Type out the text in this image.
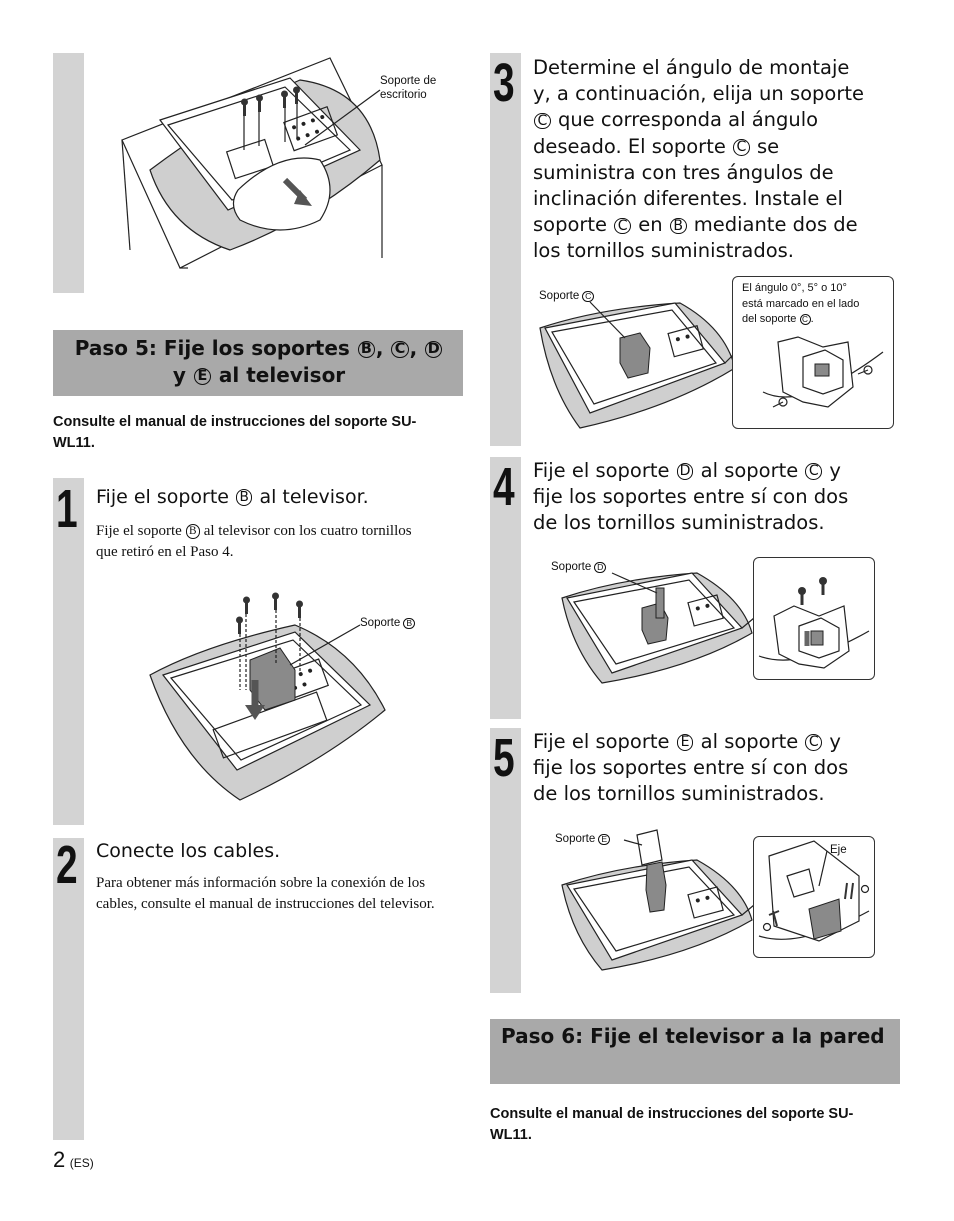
Soporte de
escritorio
Paso 5: Fije los soportes B , C , D
y E al televisor
Consulte el manual de instrucciones del soporte SU-WL11.
1 Fije el soporte B al televisor.
Fije el soporte B al televisor con los cuatro tornillos que retiró en el Paso 4.
Soporte B
2 Conecte los cables.
Para obtener más información sobre la conexión de los cables, consulte el manual de instrucciones del televisor.
2 (ES)
3 Determine el ángulo de montaje
y, a continuación, elija un soporte
C que corresponda al ángulo
deseado. El soporte C se
suministra con tres ángulos de
inclinación diferentes. Instale el
soporte C en B mediante dos de
los tornillos suministrados.
Soporte C
El ángulo 0°, 5° o 10°
está marcado en el lado
del soporte C .
4 Fije el soporte D al soporte C y
fije los soportes entre sí con dos
de los tornillos suministrados.
Soporte D
5 Fije el soporte E al soporte C y
fije los soportes entre sí con dos
de los tornillos suministrados.
Soporte E
Eje
Paso 6: Fije el televisor a la pared
Consulte el manual de instrucciones del soporte SU-WL11.
